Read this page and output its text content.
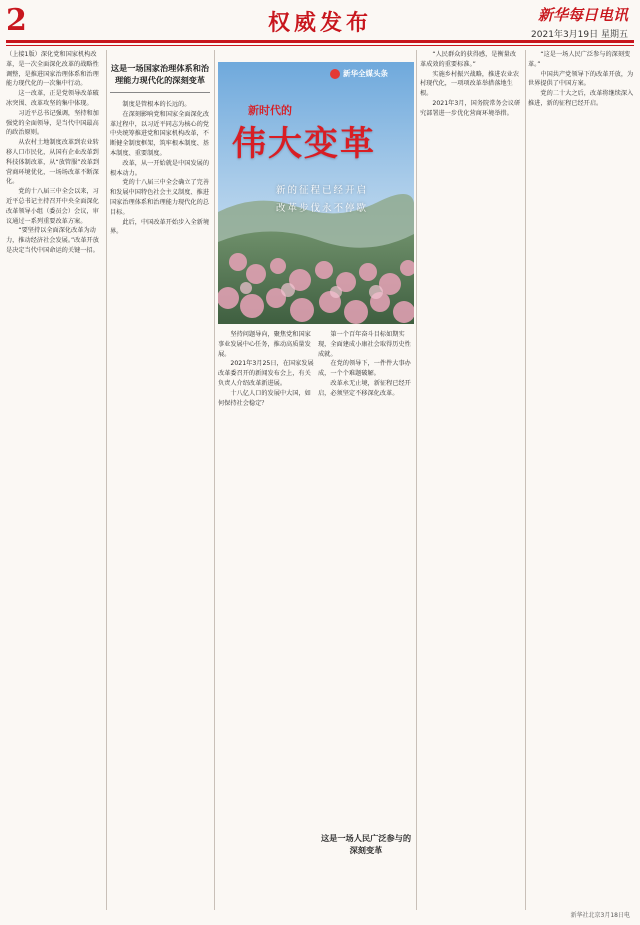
2	权威发布	新华每日电讯
2021年3月19日 星期五

（上接1版）深化党和国家机构改革，是一次全面深化改革的战略性调整，是推进国家治理体系和治理能力现代化的一次集中行动。

这一改革，正是党领导改革破冰突围、改革攻坚的集中体现。

习近平总书记强调，坚持和加强党的全面领导，是当代中国最高的政治原则。

从农村土地制度改革到农业转移人口市民化，从国有企业改革到科技体制改革，从“放管服”改革到营商环境优化，一场场改革不断深化。

党的十八届三中全会以来，习近平总书记主持召开中央全面深化改革领导小组（委员会）会议，审议通过一系列重要改革方案。

“要坚持以全面深化改革为动力，推动经济社会发展。”改革开放是决定当代中国命运的关键一招。

这是一场国家治理体系和治理能力现代化的深刻变革

制度是管根本的长远的。

在深刻影响党和国家全面深化改革过程中，以习近平同志为核心的党中央统筹推进党和国家机构改革，不断健全制度框架，筑牢根本制度、基本制度、重要制度。

改革，从一开始就是中国发展的根本动力。

党的十八届三中全会确立了完善和发展中国特色社会主义制度、推进国家治理体系和治理能力现代化的总目标。

此后，中国改革开始步入全新境界。

新华全媒头条
新时代的
伟大变革
新的征程已经开启
改革步伐永不停歇

坚持问题导向，聚焦党和国家事业发展中心任务，推动高质量发展。

2021年3月25日，在国家发展改革委召开的新闻发布会上，有关负责人介绍改革新进展。

十八亿人口的发展中大国，如何保持社会稳定？

第一个百年奋斗目标如期实现，全面建成小康社会取得历史性成就。

在党的领导下，一件件大事办成，一个个难题破解。

改革永无止境，新征程已经开启，必须坚定不移深化改革。

这是一场人民广泛参与的深刻变革

“人民群众的获得感，是衡量改革成效的重要标准。”

实施乡村振兴战略，推进农业农村现代化，一项项改革举措落地生根。

2021年3月，国务院常务会议研究部署进一步优化营商环境举措。

“这是一场人民广泛参与的深刻变革。”

中国共产党领导下的改革开放，为世界提供了中国方案。

党的二十大之后，改革将继续深入推进，新的征程已经开启。

新华社北京3月18日电
